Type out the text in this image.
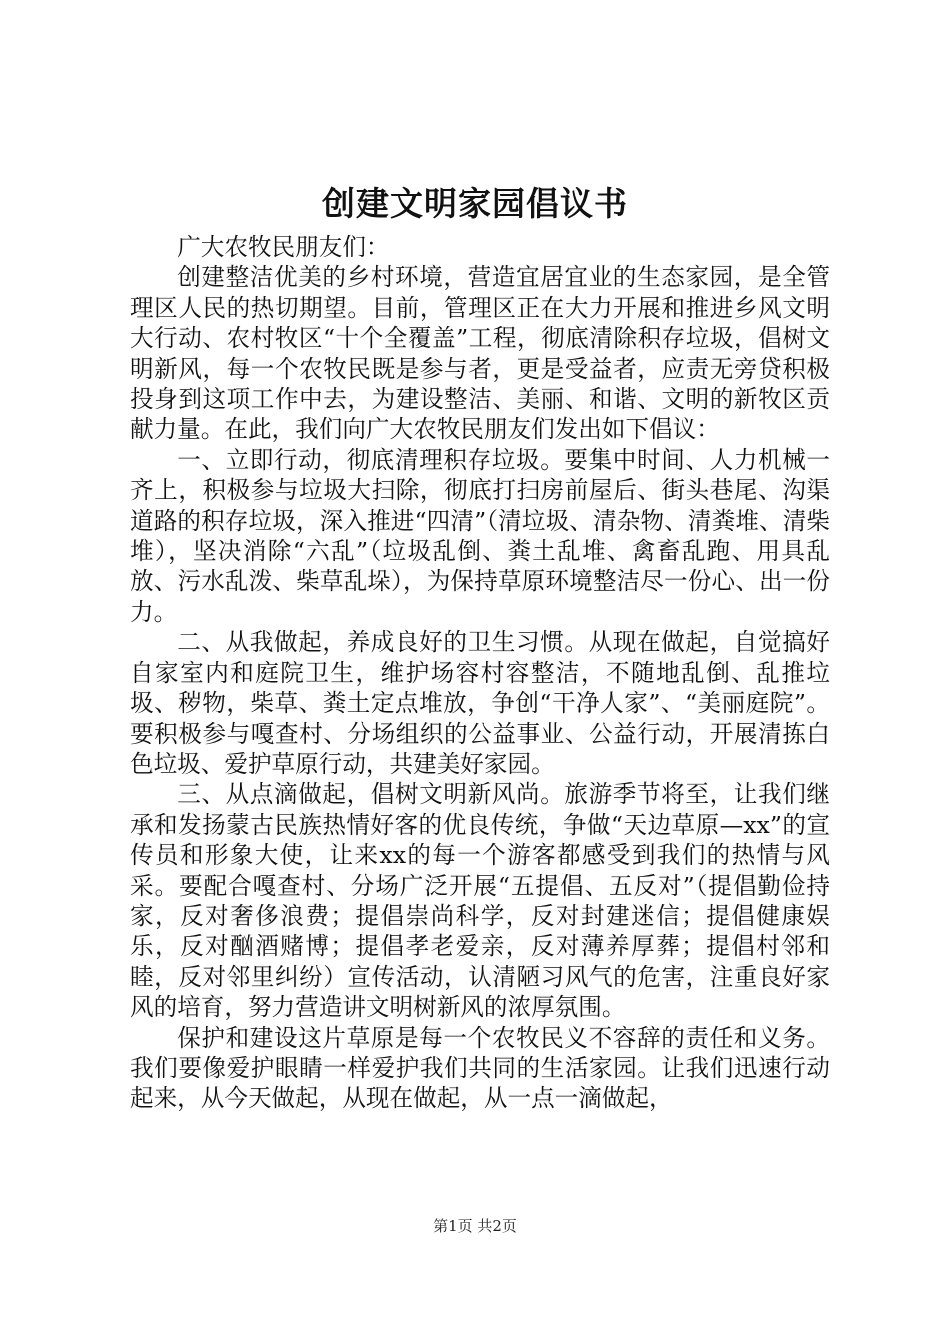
创建文明家园倡议书

广大农牧民朋友们：

创建整洁优美的乡村环境，营造宜居宜业的生态家园，是全管理区人民的热切期望。目前，管理区正在大力开展和推进乡风文明大行动、农村牧区“十个全覆盖”工程，彻底清除积存垃圾，倡树文明新风，每一个农牧民既是参与者，更是受益者，应责无旁贷积极投身到这项工作中去，为建设整洁、美丽、和谐、文明的新牧区贡献力量。在此，我们向广大农牧民朋友们发出如下倡议：

一、立即行动，彻底清理积存垃圾。要集中时间、人力机械一齐上，积极参与垃圾大扫除，彻底打扫房前屋后、街头巷尾、沟渠道路的积存垃圾，深入推进“四清”（清垃圾、清杂物、清粪堆、清柴堆），坚决消除“六乱”（垃圾乱倒、粪土乱堆、禽畜乱跑、用具乱放、污水乱泼、柴草乱垛），为保持草原环境整洁尽一份心、出一份力。

二、从我做起，养成良好的卫生习惯。从现在做起，自觉搞好自家室内和庭院卫生，维护场容村容整洁，不随地乱倒、乱推垃圾、秽物，柴草、粪土定点堆放，争创“干净人家”、“美丽庭院”。要积极参与嘎查村、分场组织的公益事业、公益行动，开展清拣白色垃圾、爱护草原行动，共建美好家园。

三、从点滴做起，倡树文明新风尚。旅游季节将至，让我们继承和发扬蒙古民族热情好客的优良传统，争做“天边草原—xx”的宣传员和形象大使，让来xx的每一个游客都感受到我们的热情与风采。要配合嘎查村、分场广泛开展“五提倡、五反对”（提倡勤俭持家，反对奢侈浪费；提倡崇尚科学，反对封建迷信；提倡健康娱乐，反对酗酒赌博；提倡孝老爱亲，反对薄养厚葬；提倡村邻和睦，反对邻里纠纷）宣传活动，认清陋习风气的危害，注重良好家风的培育，努力营造讲文明树新风的浓厚氛围。

保护和建设这片草原是每一个农牧民义不容辞的责任和义务。我们要像爱护眼睛一样爱护我们共同的生活家园。让我们迅速行动起来，从今天做起，从现在做起，从一点一滴做起，

第1页 共2页
